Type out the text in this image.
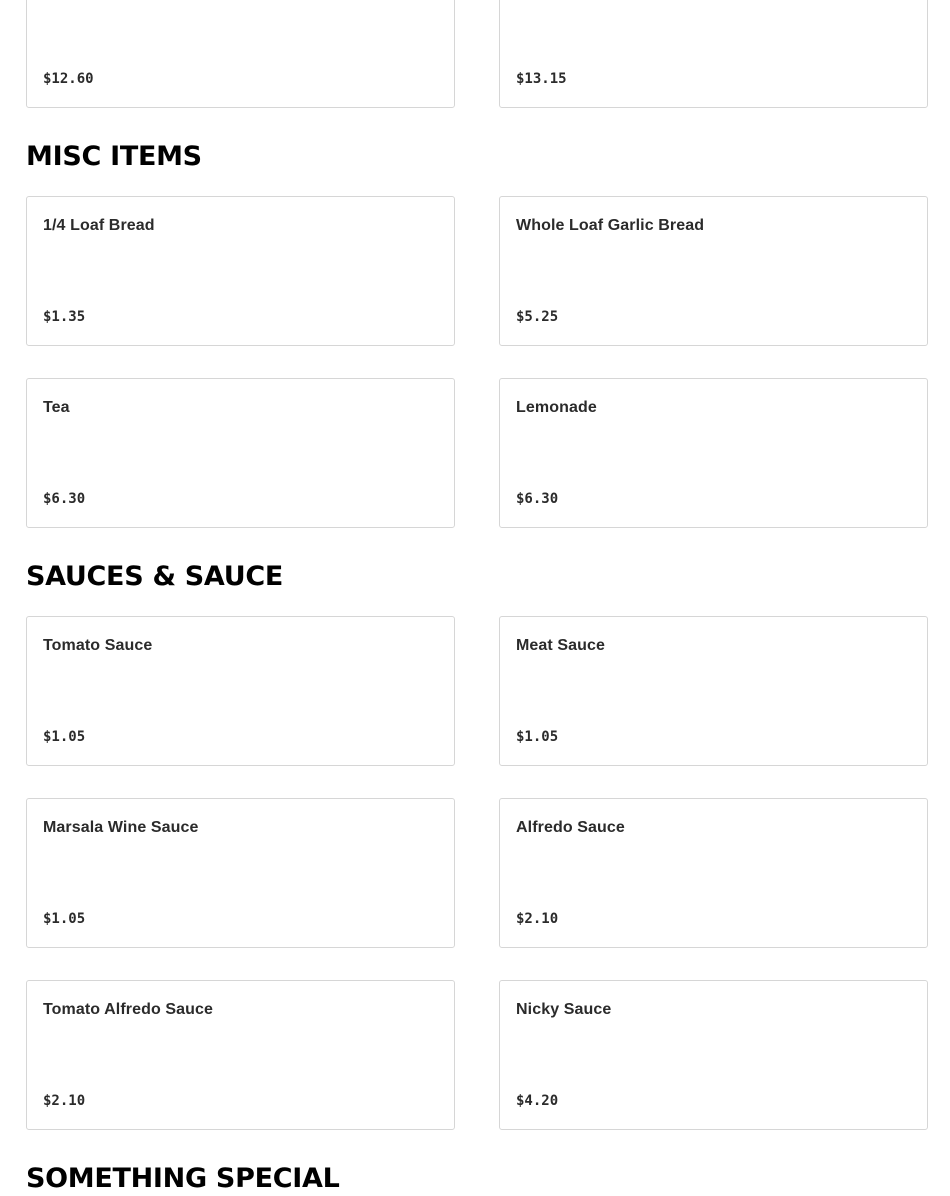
$12.60	$13.15
MISC ITEMS
1/4 Loaf Bread
$1.35
Whole Loaf Garlic Bread
$5.25
Tea
$6.30
Lemonade
$6.30
SAUCES & SAUCE
Tomato Sauce
$1.05
Meat Sauce
$1.05
Marsala Wine Sauce
$1.05
Alfredo Sauce
$2.10
Tomato Alfredo Sauce
$2.10
Nicky Sauce
$4.20
SOMETHING SPECIAL
